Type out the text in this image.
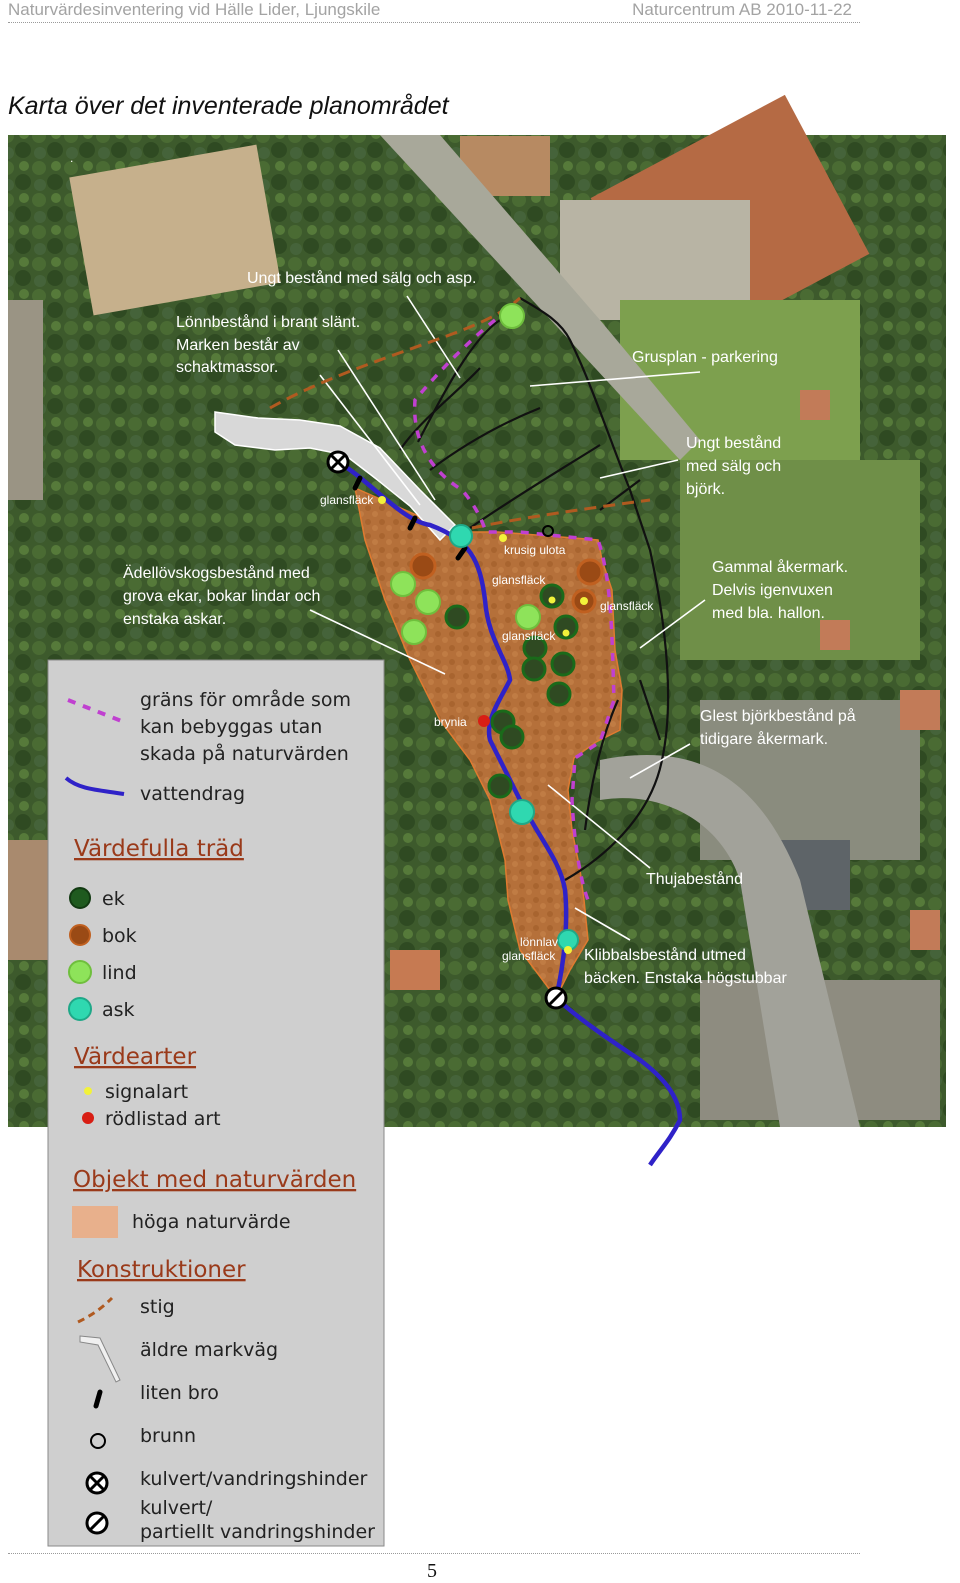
Naturvärdesinventering vid Hälle Lider, Ljungskile	Naturcentrum AB 2010-11-22
Karta över det inventerade planområdet
.
Ungt bestånd med sälg och asp.
Lönnbestånd i brant slänt.
Marken består av
schaktmassor.
Grusplan - parkering
Ungt bestånd
med sälg och
björk.
Ädellövskogsbestånd med
grova ekar, bokar lindar och
enstaka askar.
Gammal åkermark.
Delvis igenvuxen
med bla. hallon.
Glest björkbestånd på
tidigare åkermark.
Thujabestånd
Klibbalsbestånd utmed
bäcken. Enstaka högstubbar
glansfläck
krusig ulota
glansfläck
glansfläck
glansfläck
brynia
lönnlav
glansfläck
gräns för område som
kan bebyggas utan
skada på naturvärden
vattendrag
Värdefulla träd
ek
bok
lind
ask
Värdearter
signalart
rödlistad art
Objekt med naturvärden
höga naturvärde
Konstruktioner
stig
äldre markväg
liten bro
brunn
kulvert/vandringshinder
kulvert/
partiellt vandringshinder
5
